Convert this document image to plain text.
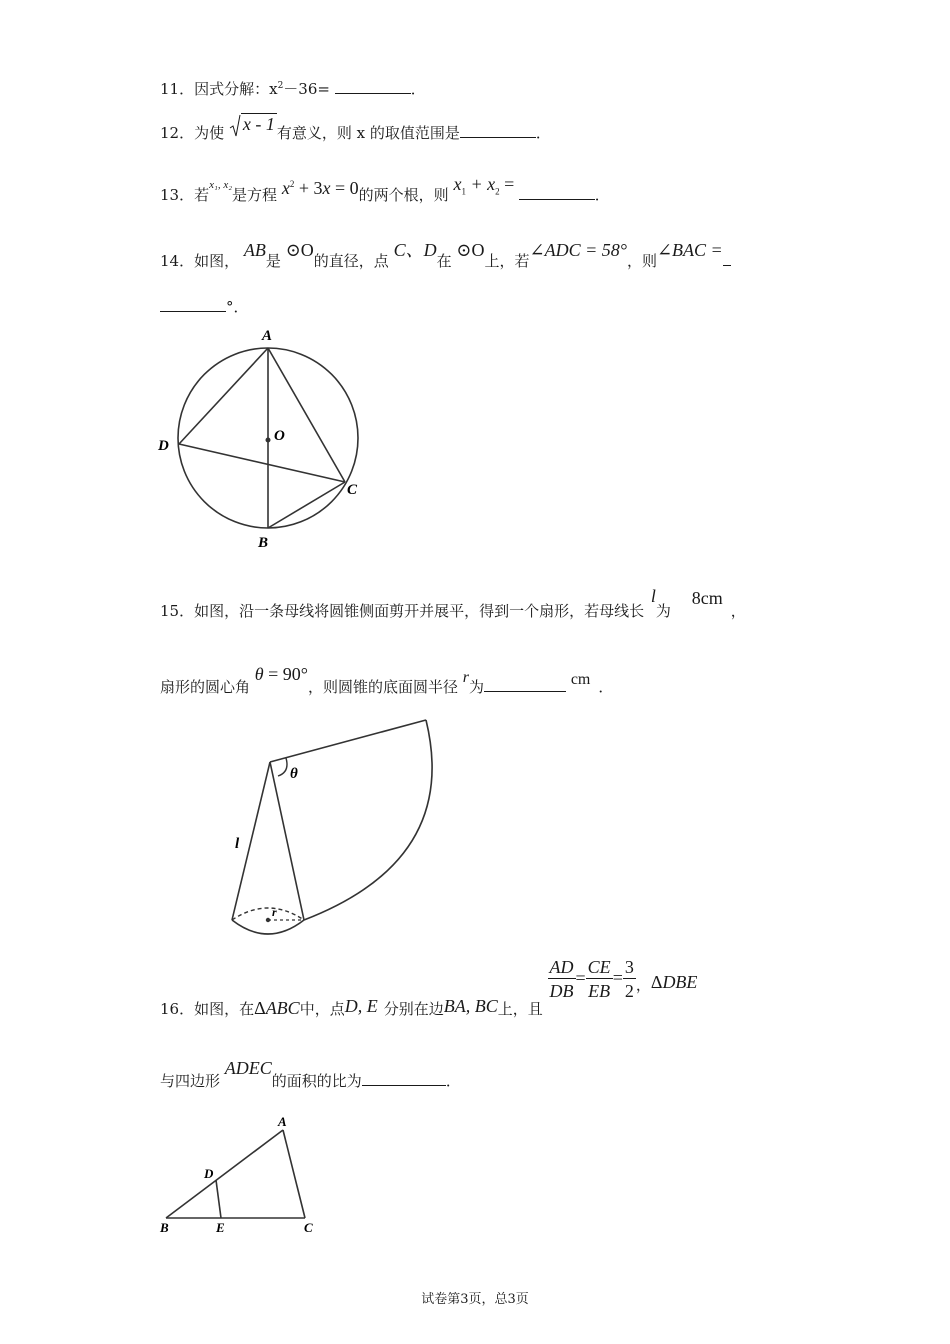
11．因式分解：$x^2-36=$	．
12．为使 x - 1 有意义，则 x 的取值范围是	．
13．若$^{x_1, x_2}$是方程 $x^2 + 3x = 0$的两个根，则 $x_1 + x_2$ = ．
14．如图， AB是 ⊙O的直径，点 C、D在 ⊙O上，若∠ADC = 58°，则∠BAC =
°．
A
B
C
D
O
15．如图，沿一条母线将圆锥侧面剪开并展平，得到一个扇形，若母线长 l为 8cm，
扇形的圆心角 θ = 90°，则圆锥的底面圆半径 r为	cm ．
θ
l
r
16．如图，在ΔABC中，点D, E 分别在边BA, BC上，且
$\frac{AD}{DB} = \frac{CE}{EB} = \frac{3}{2}$ ，ΔDBE
与四边形 ADEC的面积的比为	．
A
B	C
D
E
试卷第3页，总3页
